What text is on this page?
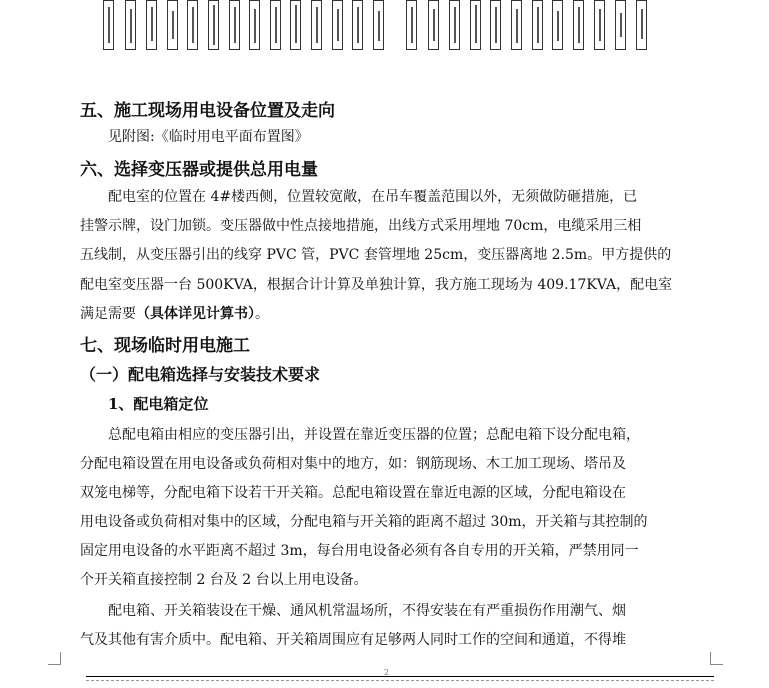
五、施工现场用电设备位置及走向

见附图:《临时用电平面布置图》

六、选择变压器或提供总用电量

配电室的位置在 4#楼西侧，位置较宽敞，在吊车覆盖范围以外，无须做防砸措施，已

挂警示牌，设门加锁。变压器做中性点接地措施，出线方式采用埋地 70cm，电缆采用三相

五线制，从变压器引出的线穿 PVC 管，PVC 套管埋地 25cm，变压器离地 2.5m。甲方提供的

配电室变压器一台 500KVA，根据合计计算及单独计算，我方施工现场为 409.17KVA，配电室

满足需要（具体详见计算书）。

七、现场临时用电施工

（一）配电箱选择与安装技术要求

1、配电箱定位

总配电箱由相应的变压器引出，并设置在靠近变压器的位置；总配电箱下设分配电箱，

分配电箱设置在用电设备或负荷相对集中的地方，如：钢筋现场、木工加工现场、塔吊及

双笼电梯等，分配电箱下设若干开关箱。总配电箱设置在靠近电源的区域，分配电箱设在

用电设备或负荷相对集中的区域，分配电箱与开关箱的距离不超过 30m，开关箱与其控制的

固定用电设备的水平距离不超过 3m，每台用电设备必须有各自专用的开关箱，严禁用同一

个开关箱直接控制 2 台及 2 台以上用电设备。

配电箱、开关箱装设在干燥、通风机常温场所，不得安装在有严重损伤作用潮气、烟

气及其他有害介质中。配电箱、开关箱周围应有足够两人同时工作的空间和通道，不得堆

2
